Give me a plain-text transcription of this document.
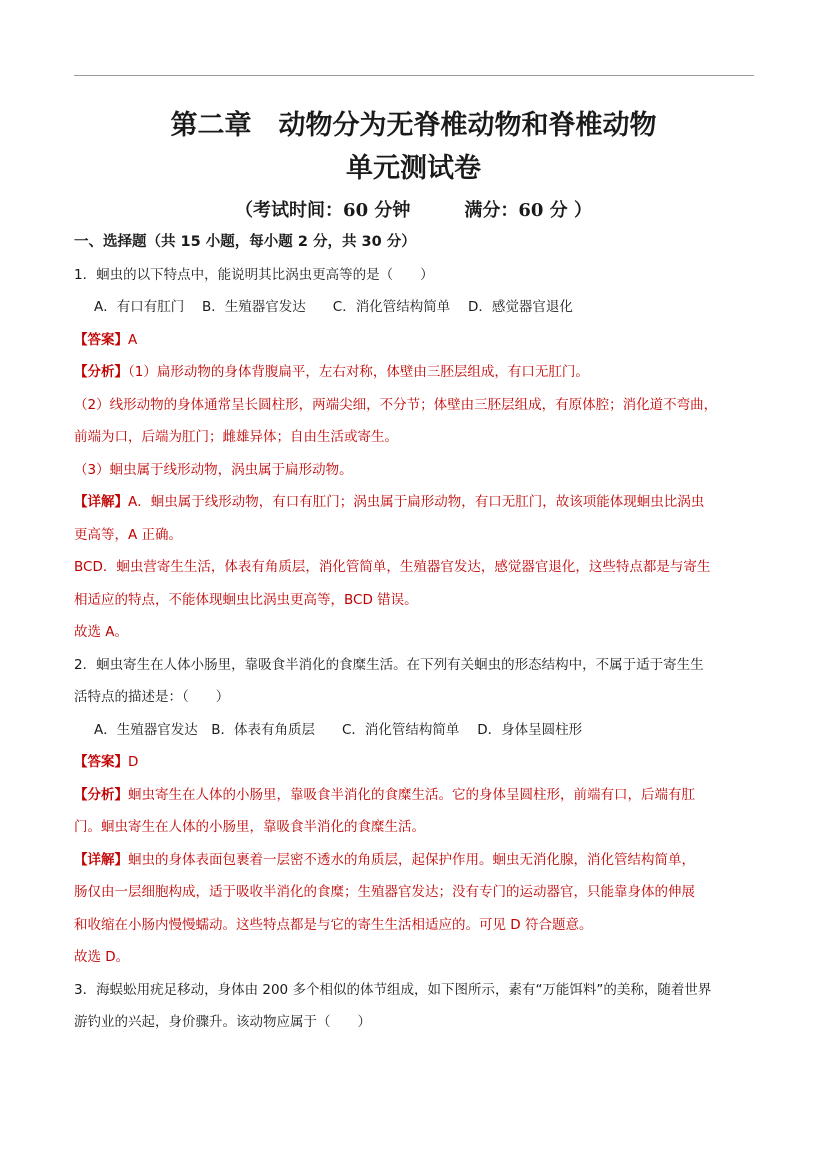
第二章　动物分为无脊椎动物和脊椎动物
单元测试卷
（考试时间：60 分钟　　　满分：60 分 ）
一、选择题（共 15 小题，每小题 2 分，共 30 分）
1．蛔虫的以下特点中，能说明其比涡虫更高等的是（　　）
A．有口有肛门　 B．生殖器官发达　　C．消化管结构简单　 D．感觉器官退化
【答案】A
【分析】（1）扁形动物的身体背腹扁平，左右对称，体壁由三胚层组成，有口无肛门。
（2）线形动物的身体通常呈长圆柱形，两端尖细，不分节；体壁由三胚层组成，有原体腔；消化道不弯曲，
前端为口，后端为肛门；雌雄异体；自由生活或寄生。
（3）蛔虫属于线形动物，涡虫属于扁形动物。
【详解】A．蛔虫属于线形动物，有口有肛门；涡虫属于扁形动物，有口无肛门，故该项能体现蛔虫比涡虫
更高等，A 正确。
BCD．蛔虫营寄生生活，体表有角质层，消化管简单，生殖器官发达，感觉器官退化，这些特点都是与寄生
相适应的特点，不能体现蛔虫比涡虫更高等，BCD 错误。
故选 A。
2．蛔虫寄生在人体小肠里，靠吸食半消化的食糜生活。在下列有关蛔虫的形态结构中，不属于适于寄生生
活特点的描述是：（　　）
A．生殖器官发达　B．体表有角质层　　C．消化管结构简单　 D．身体呈圆柱形
【答案】D
【分析】蛔虫寄生在人体的小肠里，靠吸食半消化的食糜生活。它的身体呈圆柱形，前端有口，后端有肛
门。蛔虫寄生在人体的小肠里，靠吸食半消化的食糜生活。
【详解】蛔虫的身体表面包裹着一层密不透水的角质层，起保护作用。蛔虫无消化腺，消化管结构简单，
肠仅由一层细胞构成，适于吸收半消化的食糜；生殖器官发达；没有专门的运动器官，只能靠身体的伸展
和收缩在小肠内慢慢蠕动。这些特点都是与它的寄生生活相适应的。可见 D 符合题意。
故选 D。
3．海蜈蚣用疣足移动，身体由 200 多个相似的体节组成，如下图所示，素有“万能饵料”的美称，随着世界
游钓业的兴起，身价骤升。该动物应属于（　　）
